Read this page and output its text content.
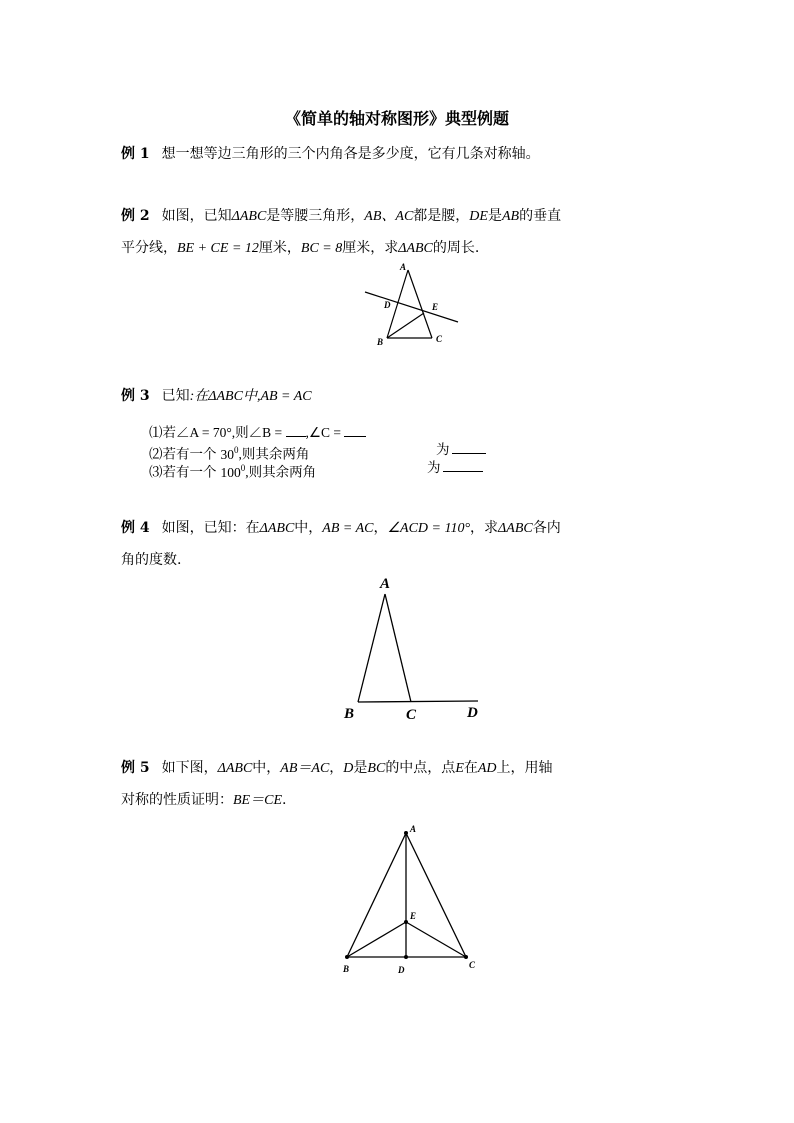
《简单的轴对称图形》典型例题
例 1 想一想等边三角形的三个内角各是多少度，它有几条对称轴。
例 2 如图，已知ΔABC是等腰三角形，AB、AC都是腰，DE是AB的垂直
平分线，BE + CE = 12厘米，BC = 8厘米，求ΔABC的周长.
A
B	C
D	E
例 3 已知:在ΔABC中,AB = AC
⑴若∠A = 70°,则∠B = ,∠C =
⑵若有一个 $30^0$,则其余两角	为
⑶若有一个 $100^0$,则其余两角	为
例 4 如图，已知：在ΔABC中，AB = AC，∠ACD = 110°，求ΔABC各内
角的度数.
A
B	C	D
例 5 如下图，ΔABC中，AB＝AC，D是BC的中点，点E在AD上，用轴
对称的性质证明：BE＝CE.
A
B	C
D
E
